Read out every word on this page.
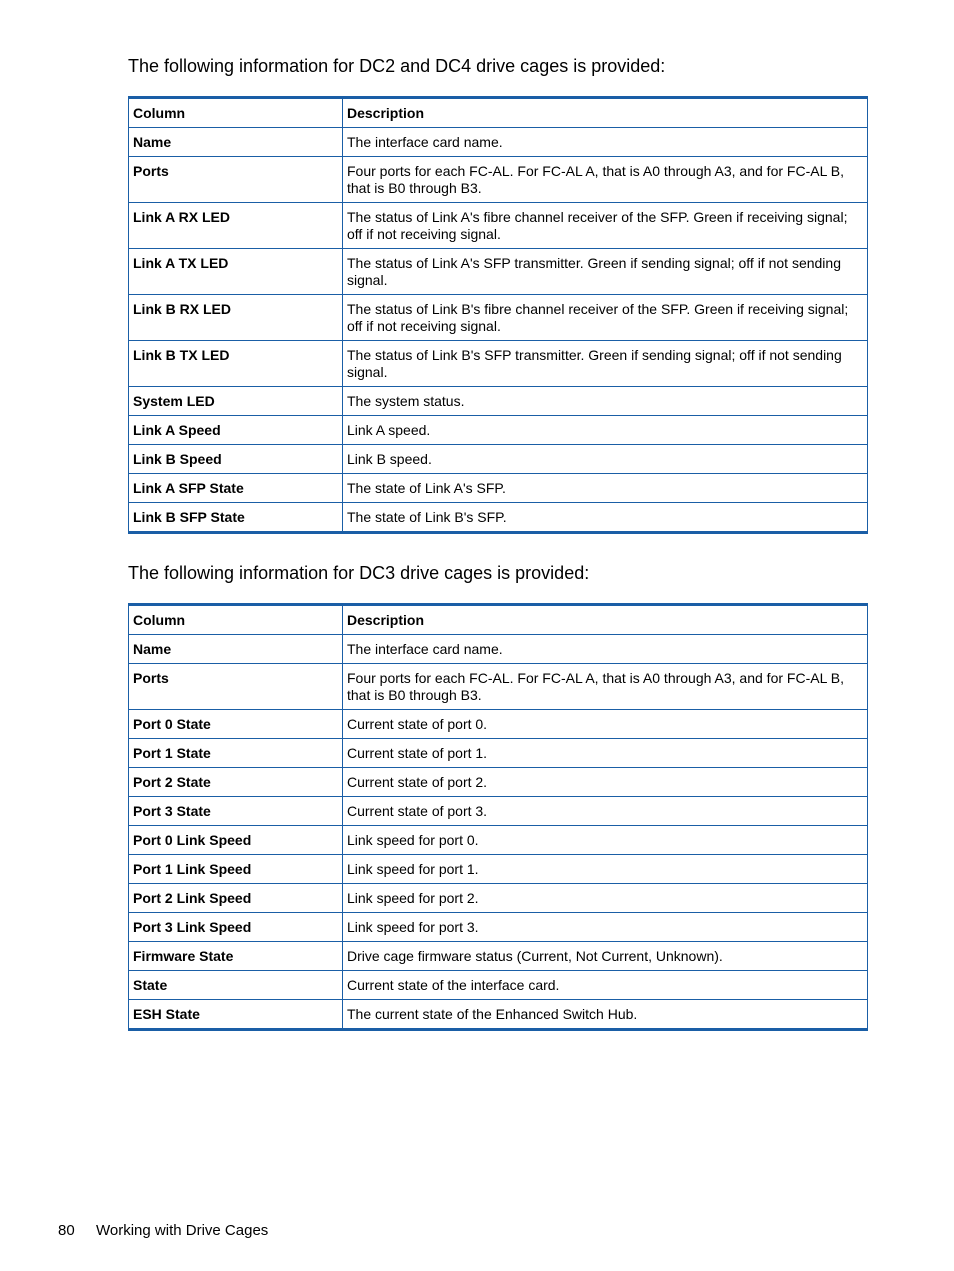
The following information for DC2 and DC4 drive cages is provided:

Column	Description
Name	The interface card name.
Ports	Four ports for each FC-AL. For FC-AL A, that is A0 through A3, and for FC-AL B, that is B0 through B3.
Link A RX LED	The status of Link A's fibre channel receiver of the SFP. Green if receiving signal; off if not receiving signal.
Link A TX LED	The status of Link A's SFP transmitter. Green if sending signal; off if not sending signal.
Link B RX LED	The status of Link B's fibre channel receiver of the SFP. Green if receiving signal; off if not receiving signal.
Link B TX LED	The status of Link B's SFP transmitter. Green if sending signal; off if not sending signal.
System LED	The system status.
Link A Speed	Link A speed.
Link B Speed	Link B speed.
Link A SFP State	The state of Link A's SFP.
Link B SFP State	The state of Link B's SFP.

The following information for DC3 drive cages is provided:

Column	Description
Name	The interface card name.
Ports	Four ports for each FC-AL. For FC-AL A, that is A0 through A3, and for FC-AL B, that is B0 through B3.
Port 0 State	Current state of port 0.
Port 1 State	Current state of port 1.
Port 2 State	Current state of port 2.
Port 3 State	Current state of port 3.
Port 0 Link Speed	Link speed for port 0.
Port 1 Link Speed	Link speed for port 1.
Port 2 Link Speed	Link speed for port 2.
Port 3 Link Speed	Link speed for port 3.
Firmware State	Drive cage firmware status (Current, Not Current, Unknown).
State	Current state of the interface card.
ESH State	The current state of the Enhanced Switch Hub.
80 Working with Drive Cages
